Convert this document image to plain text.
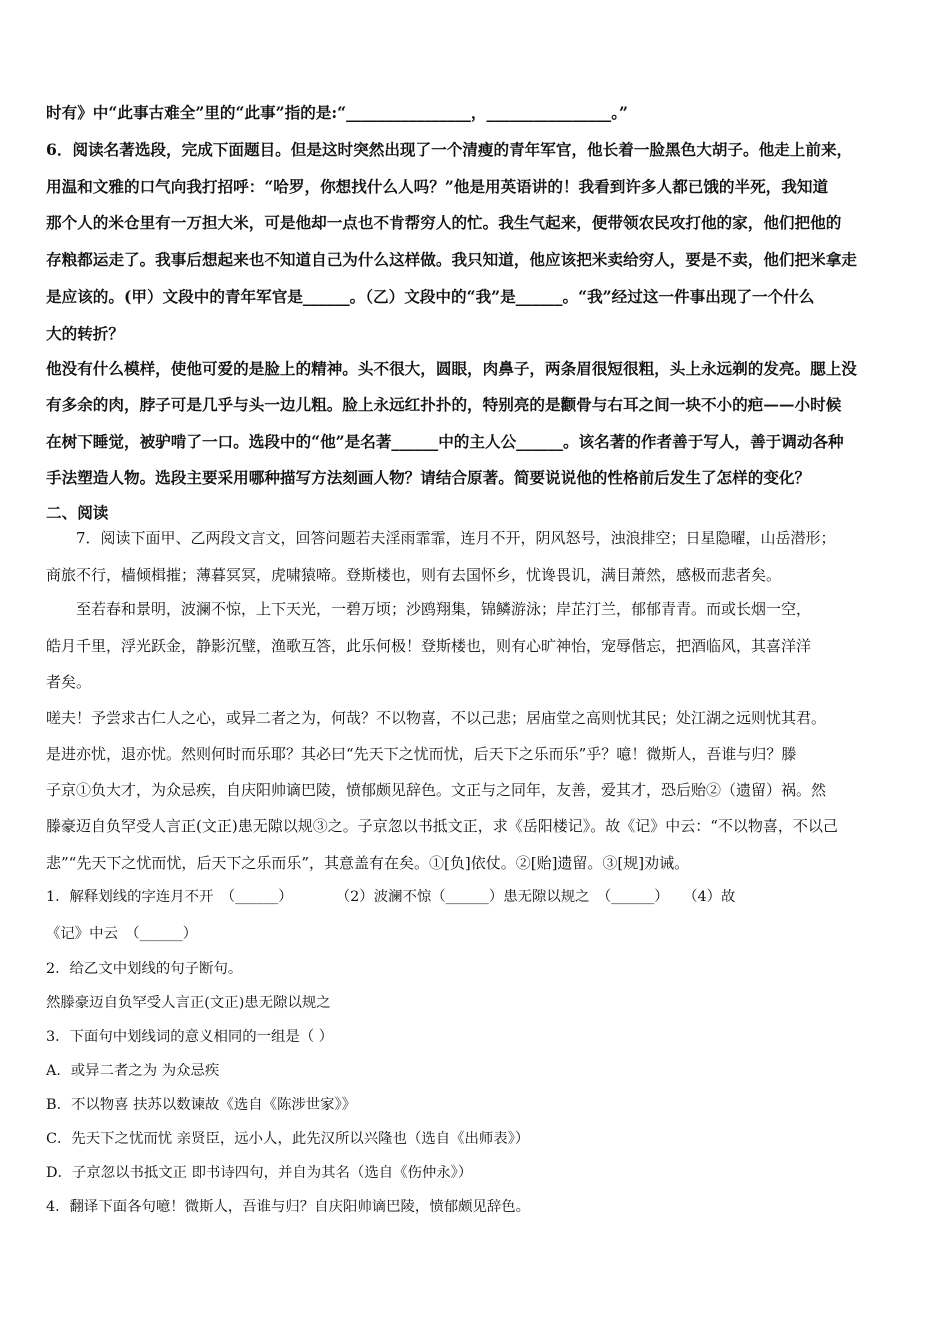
时有》中“此事古难全”里的“此事”指的是:“________________，________________。”
6．阅读名著选段，完成下面题目。但是这时突然出现了一个清瘦的青年军官，他长着一脸黑色大胡子。他走上前来，
用温和文雅的口气向我打招呼：“哈罗，你想找什么人吗？”他是用英语讲的！我看到许多人都已饿的半死，我知道
那个人的米仓里有一万担大米，可是他却一点也不肯帮穷人的忙。我生气起来，便带领农民攻打他的家，他们把他的
存粮都运走了。我事后想起来也不知道自己为什么这样做。我只知道，他应该把米卖给穷人，要是不卖，他们把米拿走
是应该的。(甲）文段中的青年军官是______。（乙）文段中的“我”是______。“我”经过这一件事出现了一个什么
大的转折？
他没有什么模样，使他可爱的是脸上的精神。头不很大，圆眼，肉鼻子，两条眉很短很粗，头上永远剃的发亮。腮上没
有多余的肉，脖子可是几乎与头一边儿粗。脸上永远红扑扑的，特别亮的是颧骨与右耳之间一块不小的疤——小时候
在树下睡觉，被驴啃了一口。选段中的“他”是名著______中的主人公______。该名著的作者善于写人，善于调动各种
手法塑造人物。选段主要采用哪种描写方法刻画人物？请结合原著。简要说说他的性格前后发生了怎样的变化？
二、阅读
7．阅读下面甲、乙两段文言文，回答问题若夫淫雨霏霏，连月不开，阴风怒号，浊浪排空；日星隐曜，山岳潜形；
商旅不行，樯倾楫摧；薄暮冥冥，虎啸猿啼。登斯楼也，则有去国怀乡，忧谗畏讥，满目萧然，感极而悲者矣。
至若春和景明，波澜不惊，上下天光，一碧万顷；沙鸥翔集，锦鳞游泳；岸芷汀兰，郁郁青青。而或长烟一空，
皓月千里，浮光跃金，静影沉璧，渔歌互答，此乐何极！登斯楼也，则有心旷神怡，宠辱偕忘，把酒临风，其喜洋洋
者矣。
嗟夫！予尝求古仁人之心，或异二者之为，何哉？不以物喜，不以己悲；居庙堂之高则忧其民；处江湖之远则忧其君。
是进亦忧，退亦忧。然则何时而乐耶？其必曰“先天下之忧而忧，后天下之乐而乐”乎？噫！微斯人，吾谁与归？滕
子京①负大才，为众忌疾，自庆阳帅谪巴陵，愤郁颇见辞色。文正与之同年，友善，爱其才，恐后贻②（遗留）祸。然
滕豪迈自负罕受人言正(文正)患无隙以规③之。子京忽以书抵文正，求《岳阳楼记》。故《记》中云：“不以物喜，不以己
悲”“先天下之忧而忧，后天下之乐而乐”，其意盖有在矣。①[负]依仗。②[贻]遗留。③[规]劝诫。
1．解释划线的字连月不开　（______）　　　　（2）波澜不惊（______）患无隙以规之　（______）　　（4）故
《记》中云　（______）
2．给乙文中划线的句子断句。
然滕豪迈自负罕受人言正(文正)患无隙以规之
3．下面句中划线词的意义相同的一组是（ ）
A．或异二者之为 为众忌疾
B．不以物喜 扶苏以数谏故《选自《陈涉世家》》
C．先天下之忧而忧 亲贤臣，远小人，此先汉所以兴隆也（选自《出师表》）
D．子京忽以书抵文正 即书诗四句，并自为其名（选自《伤仲永》）
4．翻译下面各句噫！微斯人，吾谁与归？自庆阳帅谪巴陵，愤郁颇见辞色。
